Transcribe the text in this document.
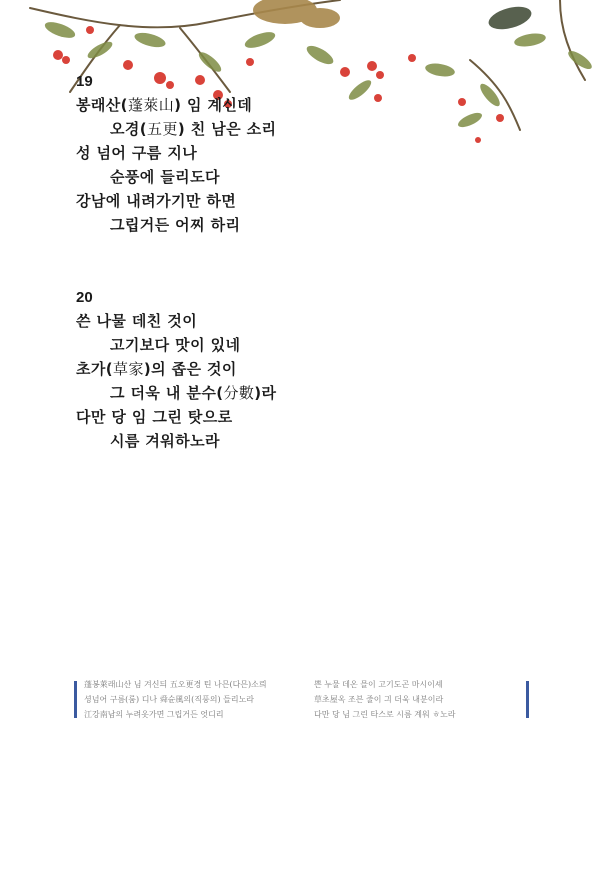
19
봉래산(蓬萊山) 임 계신데
오경(五更) 친 남은 소리
성 넘어 구름 지나
순풍에 들리도다
강남에 내려가기만 하면
그립거든 어찌 하리
20
쓴 나물 데친 것이
고기보다 맛이 있네
초가(草家)의 좁은 것이
그 더욱 내 분수(分數)라
다만 당 임 그린 탓으로
시름 겨워하노라
蓬봉萊래山산 님 겨신듸 五오更경 틴 나믄(다믄)소릐
셩넘어 구름(룸) 디나 舜슌風의(직풍의) 들리노라
江강南남의 누려옷가면 그립거든 엇디리
쁜 누물 데온 믈이 고기도곤 마시이셰
草초屋옥 조븐 줄이 긔 더욱 내분이라
다만 당 님 그린 타스로 시름 계워 ㅎ노라
